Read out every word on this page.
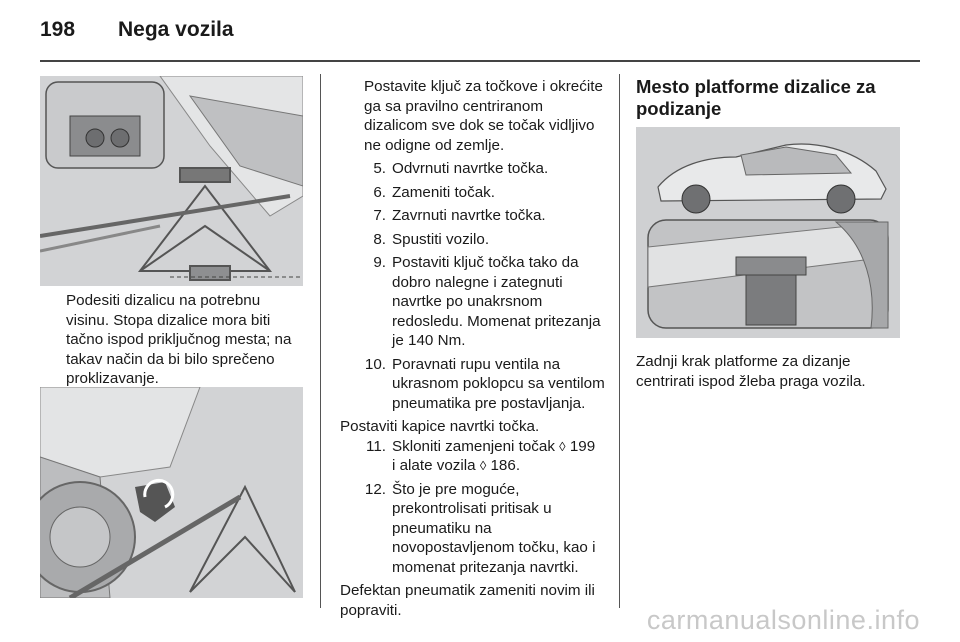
198 Nega vozila

Podesiti dizalicu na potrebnu visinu. Stopa dizalice mora biti tačno ispod priključnog mesta; na takav način da bi bilo sprečeno proklizavanje.

Postavite ključ za točkove i okrećite ga sa pravilno centriranom dizalicom sve dok se točak vidljivo ne odigne od zemlje.

5. Odvrnuti navrtke točka.
6. Zameniti točak.
7. Zavrnuti navrtke točka.
8. Spustiti vozilo.
9. Postaviti ključ točka tako da dobro nalegne i zategnuti navrtke po unakrsnom redosledu. Momenat pritezanja je 140 Nm.
10. Poravnati rupu ventila na ukrasnom poklopcu sa ventilom pneumatika pre postavljanja.

Postaviti kapice navrtki točka.

11. Skloniti zamenjeni točak ◊ 199
i alate vozila ◊ 186.
12. Što je pre moguće, prekontrolisati pritisak u pneumatiku na novopostavljenom točku, kao i momenat pritezanja navrtki.

Defektan pneumatik zameniti novim ili popraviti.

Mesto platforme dizalice za podizanje

Zadnji krak platforme za dizanje centrirati ispod žleba praga vozila.

carmanualsonline.info
